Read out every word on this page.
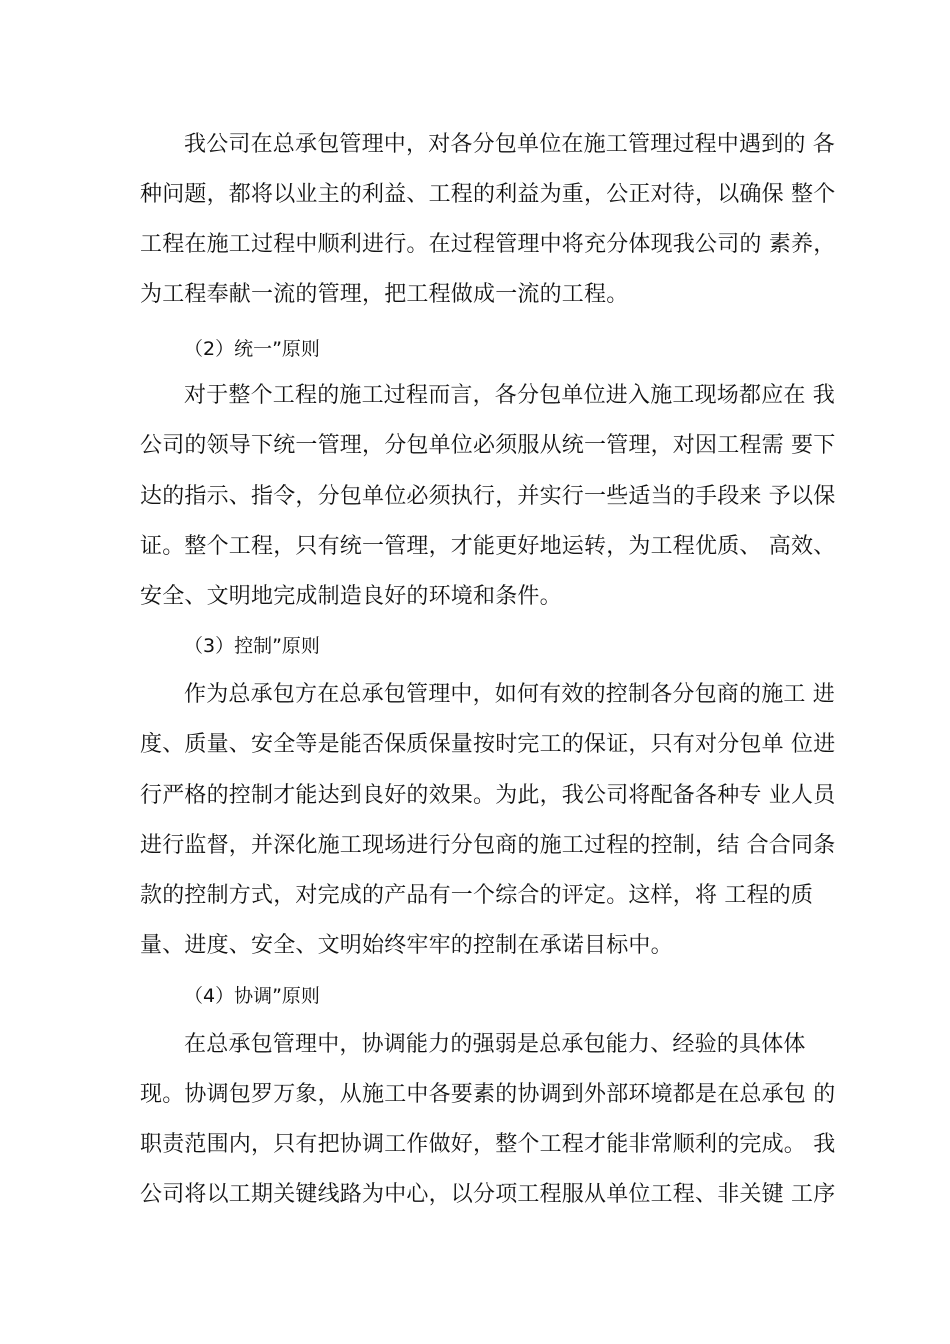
我公司在总承包管理中，对各分包单位在施工管理过程中遇到的 各
种问题，都将以业主的利益、工程的利益为重，公正对待，以确保 整个
工程在施工过程中顺利进行。在过程管理中将充分体现我公司的 素养，
为工程奉献一流的管理，把工程做成一流的工程。
（2）统一”原则
对于整个工程的施工过程而言，各分包单位进入施工现场都应在 我
公司的领导下统一管理，分包单位必须服从统一管理，对因工程需 要下
达的指示、指令，分包单位必须执行，并实行一些适当的手段来 予以保
证。整个工程，只有统一管理，才能更好地运转，为工程优质、 高效、
安全、文明地完成制造良好的环境和条件。
（3）控制”原则
作为总承包方在总承包管理中，如何有效的控制各分包商的施工 进
度、质量、安全等是能否保质保量按时完工的保证，只有对分包单 位进
行严格的控制才能达到良好的效果。为此，我公司将配备各种专 业人员
进行监督，并深化施工现场进行分包商的施工过程的控制，结 合合同条
款的控制方式，对完成的产品有一个综合的评定。这样，将 工程的质
量、进度、安全、文明始终牢牢的控制在承诺目标中。
（4）协调”原则
在总承包管理中，协调能力的强弱是总承包能力、经验的具体体
现。协调包罗万象，从施工中各要素的协调到外部环境都是在总承包 的
职责范围内，只有把协调工作做好，整个工程才能非常顺利的完成。 我
公司将以工期关键线路为中心，以分项工程服从单位工程、非关键 工序
